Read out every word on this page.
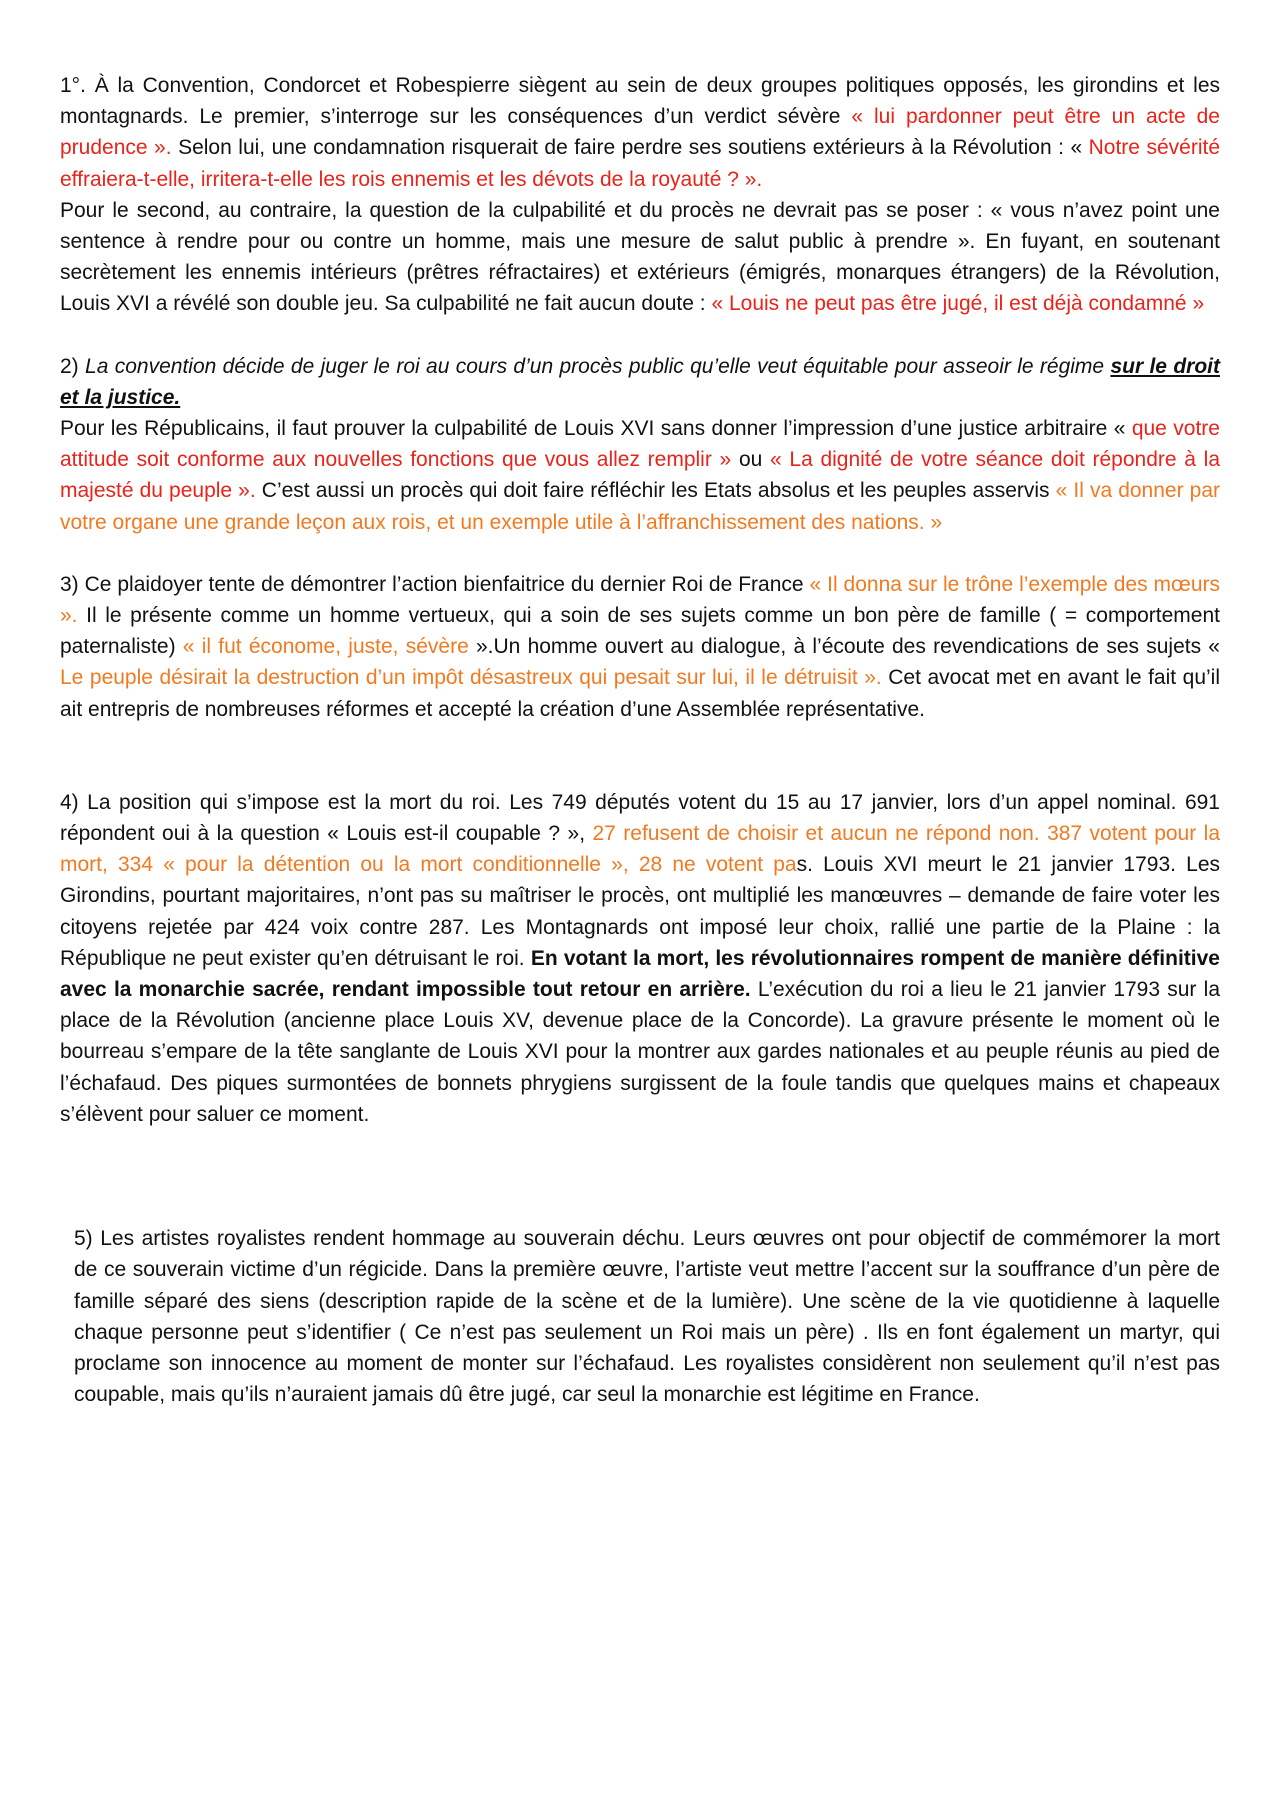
1°. À la Convention, Condorcet et Robespierre siègent au sein de deux groupes politiques opposés, les girondins et les montagnards. Le premier, s’interroge sur les conséquences d’un verdict sévère « lui pardonner peut être un acte de prudence ». Selon lui, une condamnation risquerait de faire perdre ses soutiens extérieurs à la Révolution : « Notre sévérité effraiera-t-elle, irritera-t-elle les rois ennemis et les dévots de la royauté ? ».

Pour le second, au contraire, la question de la culpabilité et du procès ne devrait pas se poser : « vous n’avez point une sentence à rendre pour ou contre un homme, mais une mesure de salut public à prendre ». En fuyant, en soutenant secrètement les ennemis intérieurs (prêtres réfractaires) et extérieurs (émigrés, monarques étrangers) de la Révolution, Louis XVI a révélé son double jeu. Sa culpabilité ne fait aucun doute : « Louis ne peut pas être jugé, il est déjà condamné »

2) La convention décide de juger le roi au cours d’un procès public qu’elle veut équitable pour asseoir le régime sur le droit et la justice.

Pour les Républicains, il faut prouver la culpabilité de Louis XVI sans donner l’impression d’une justice arbitraire « que votre attitude soit conforme aux nouvelles fonctions que vous allez remplir » ou « La dignité de votre séance doit répondre à la majesté du peuple ». C’est aussi un procès qui doit faire réfléchir les Etats absolus et les peuples asservis « Il va donner par votre organe une grande leçon aux rois, et un exemple utile à l’affranchissement des nations. »

3) Ce plaidoyer tente de démontrer l’action bienfaitrice du dernier Roi de France « Il donna sur le trône l’exemple des mœurs ». Il le présente comme un homme vertueux, qui a soin de ses sujets comme un bon père de famille ( = comportement paternaliste) « il fut économe, juste, sévère ».Un homme ouvert au dialogue, à l’écoute des revendications de ses sujets « Le peuple désirait la destruction d’un impôt désastreux qui pesait sur lui, il le détruisit ». Cet avocat met en avant le fait qu’il ait entrepris de nombreuses réformes et accepté la création d’une Assemblée représentative.

4) La position qui s’impose est la mort du roi. Les 749 députés votent du 15 au 17 janvier, lors d’un appel nominal. 691 répondent oui à la question « Louis est-il coupable ? », 27 refusent de choisir et aucun ne répond non. 387 votent pour la mort, 334 « pour la détention ou la mort conditionnelle », 28 ne votent pas. Louis XVI meurt le 21 janvier 1793. Les Girondins, pourtant majoritaires, n’ont pas su maîtriser le procès, ont multiplié les manœuvres – demande de faire voter les citoyens rejetée par 424 voix contre 287. Les Montagnards ont imposé leur choix, rallié une partie de la Plaine : la République ne peut exister qu’en détruisant le roi. En votant la mort, les révolutionnaires rompent de manière définitive avec la monarchie sacrée, rendant impossible tout retour en arrière. L’exécution du roi a lieu le 21 janvier 1793 sur la place de la Révolution (ancienne place Louis XV, devenue place de la Concorde). La gravure présente le moment où le bourreau s’empare de la tête sanglante de Louis XVI pour la montrer aux gardes nationales et au peuple réunis au pied de l’échafaud. Des piques surmontées de bonnets phrygiens surgissent de la foule tandis que quelques mains et chapeaux s’élèvent pour saluer ce moment.

5) Les artistes royalistes rendent hommage au souverain déchu. Leurs œuvres ont pour objectif de commémorer la mort de ce souverain victime d’un régicide. Dans la première œuvre, l’artiste veut mettre l’accent sur la souffrance d’un père de famille séparé des siens (description rapide de la scène et de la lumière). Une scène de la vie quotidienne à laquelle chaque personne peut s’identifier ( Ce n’est pas seulement un Roi mais un père) . Ils en font également un martyr, qui proclame son innocence au moment de monter sur l’échafaud. Les royalistes considèrent non seulement qu’il n’est pas coupable, mais qu’ils n’auraient jamais dû être jugé, car seul la monarchie est légitime en France.
